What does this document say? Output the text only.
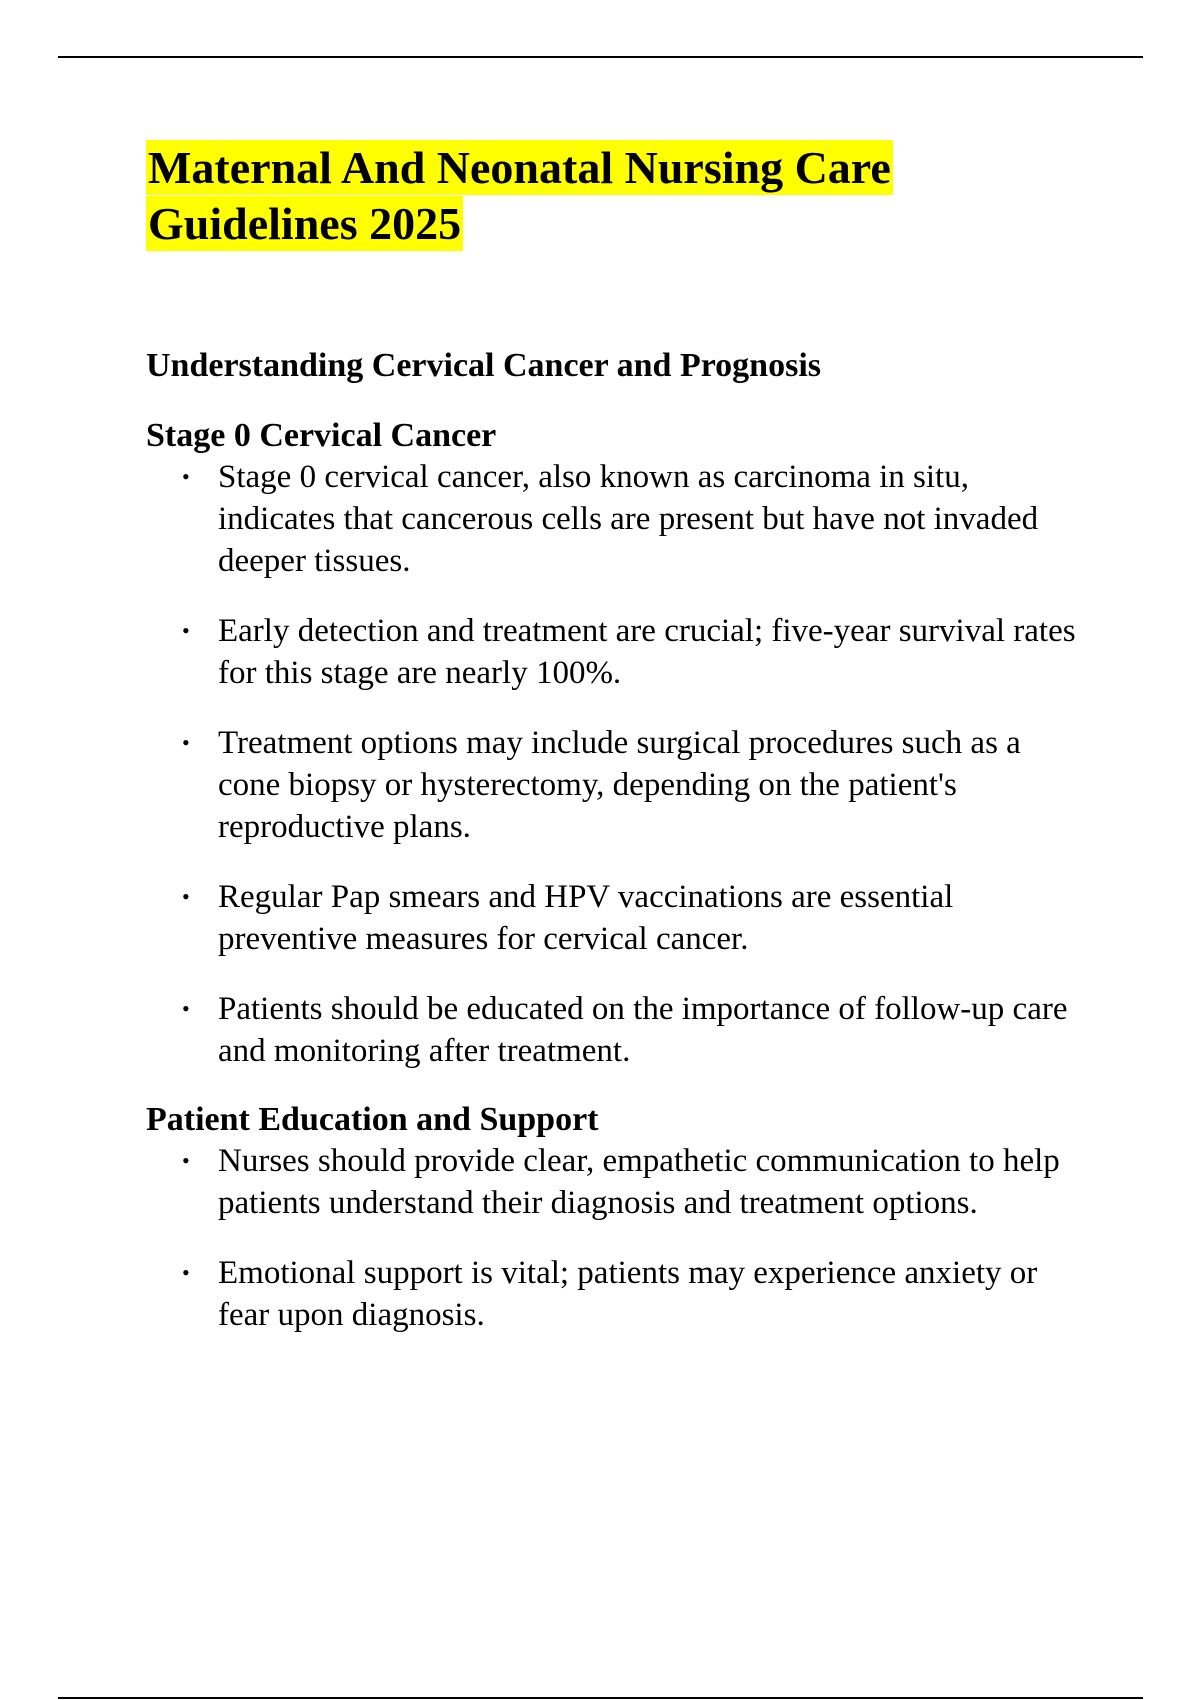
Maternal And Neonatal Nursing Care Guidelines 2025
Understanding Cervical Cancer and Prognosis
Stage 0 Cervical Cancer
• Stage 0 cervical cancer, also known as carcinoma in situ, indicates that cancerous cells are present but have not invaded deeper tissues.
• Early detection and treatment are crucial; five-year survival rates for this stage are nearly 100%.
• Treatment options may include surgical procedures such as a cone biopsy or hysterectomy, depending on the patient's reproductive plans.
• Regular Pap smears and HPV vaccinations are essential preventive measures for cervical cancer.
• Patients should be educated on the importance of follow-up care and monitoring after treatment.
Patient Education and Support
• Nurses should provide clear, empathetic communication to help patients understand their diagnosis and treatment options.
• Emotional support is vital; patients may experience anxiety or fear upon diagnosis.
